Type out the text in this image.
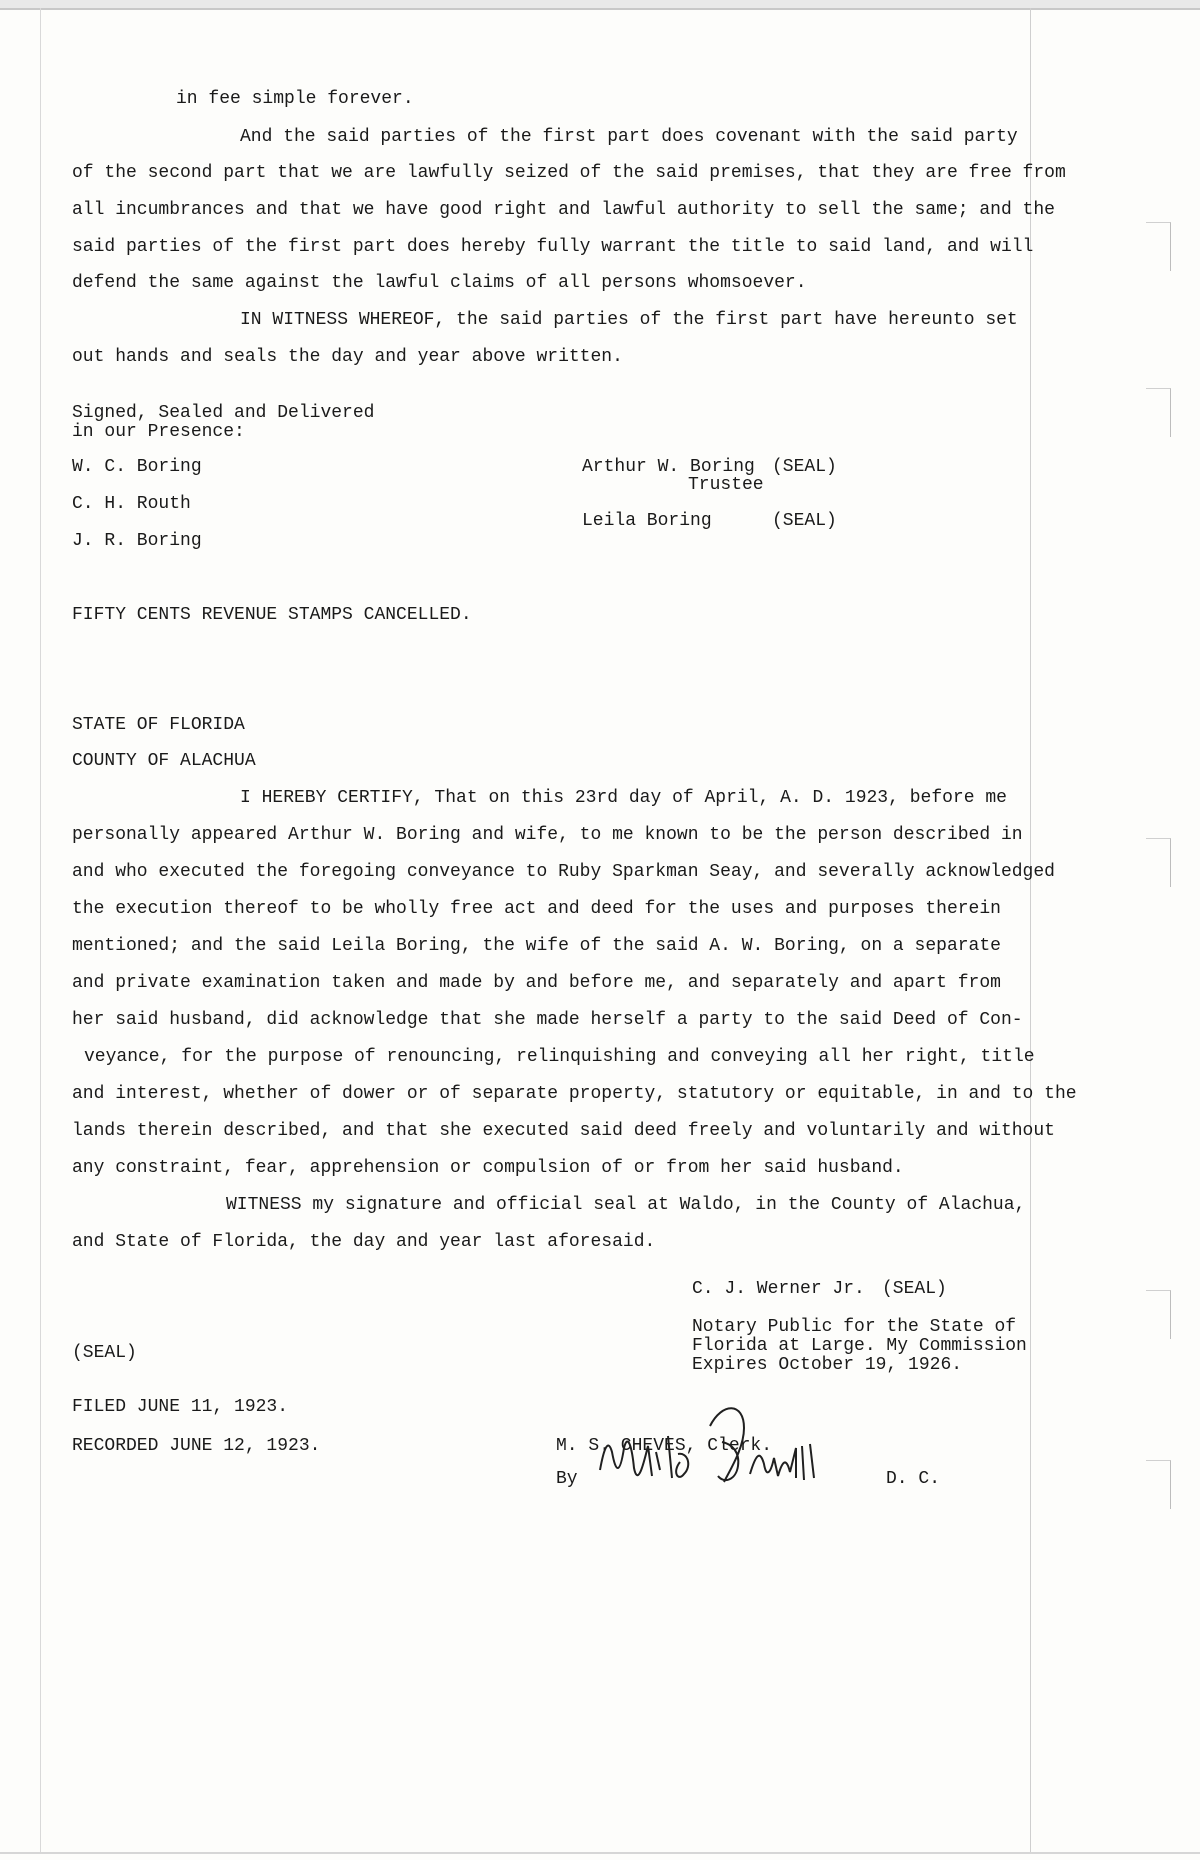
in fee simple forever.
And the said parties of the first part does covenant with the said party
of the second part that we are lawfully seized of the said premises, that they are free from
all incumbrances and that we have good right and lawful authority to sell the same; and the
said parties of the first part does hereby fully warrant the title to said land, and will
defend the same against the lawful claims of all persons whomsoever.
IN WITNESS WHEREOF, the said parties of the first part have hereunto set
out hands and seals the day and year above written.
Signed, Sealed and Delivered
in our Presence:
W. C. Boring
C. H. Routh
J. R. Boring
Arthur W. Boring (SEAL)
Trustee
Leila Boring	(SEAL)
FIFTY CENTS REVENUE STAMPS CANCELLED.
STATE OF FLORIDA
COUNTY OF ALACHUA
I HEREBY CERTIFY, That on this 23rd day of April, A. D. 1923, before me
personally appeared Arthur W. Boring and wife, to me known to be the person described in
and who executed the foregoing conveyance to Ruby Sparkman Seay, and severally acknowledged
the execution thereof to be wholly free act and deed for the uses and purposes therein
mentioned; and the said Leila Boring, the wife of the said A. W. Boring, on a separate
and private examination taken and made by and before me, and separately and apart from
her said husband, did acknowledge that she made herself a party to the said Deed of Con-
veyance, for the purpose of renouncing, relinquishing and conveying all her right, title
and interest, whether of dower or of separate property, statutory or equitable, in and to the
lands therein described, and that she executed said deed freely and voluntarily and without
any constraint, fear, apprehension or compulsion of or from her said husband.
WITNESS my signature and official seal at Waldo, in the County of Alachua,
and State of Florida, the day and year last aforesaid.
C. J. Werner Jr. (SEAL)
Notary Public for the State of
Florida at Large. My Commission
Expires October 19, 1926.
(SEAL)
FILED JUNE 11, 1923.
RECORDED JUNE 12, 1923.	M. S. CHEVES, Clerk.
By	D. C.
